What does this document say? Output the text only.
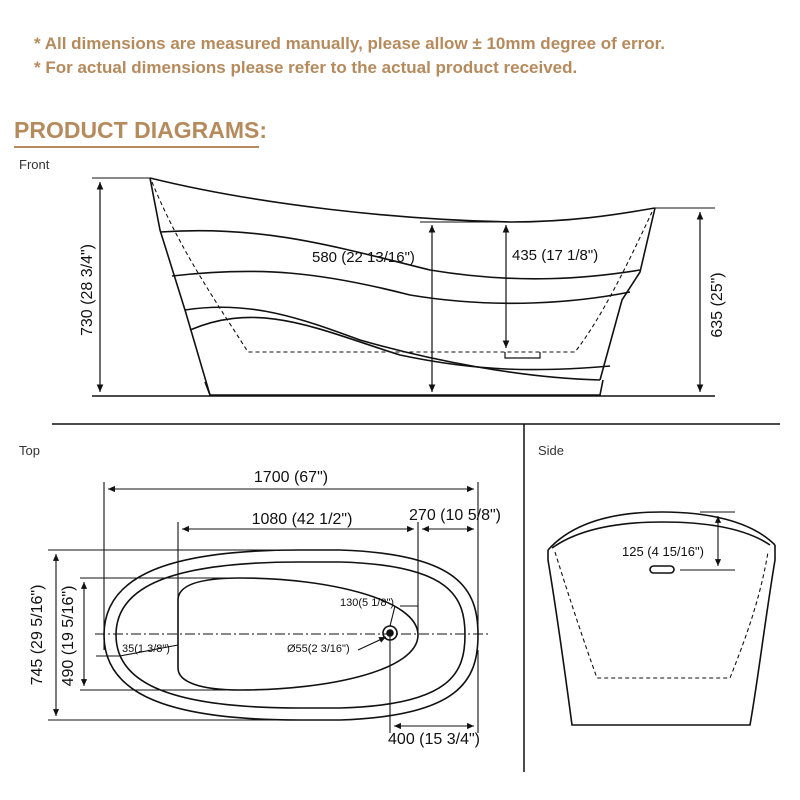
* All dimensions are measured manually, please allow ± 10mm degree of error.
* For actual dimensions please refer to the actual product received.
PRODUCT DIAGRAMS:
Front
Top	Side
730 (28 3/4")	635 (25")
580 (22 13/16")	435 (17 1/8")
1700 (67")
1080 (42 1/2")	270 (10 5/8")
745 (29 5/16") 490 (19 5/16")	35(1 3/8")
130(5 1/8")
Ø55(2 3/16")
400 (15 3/4")
125 (4 15/16")
